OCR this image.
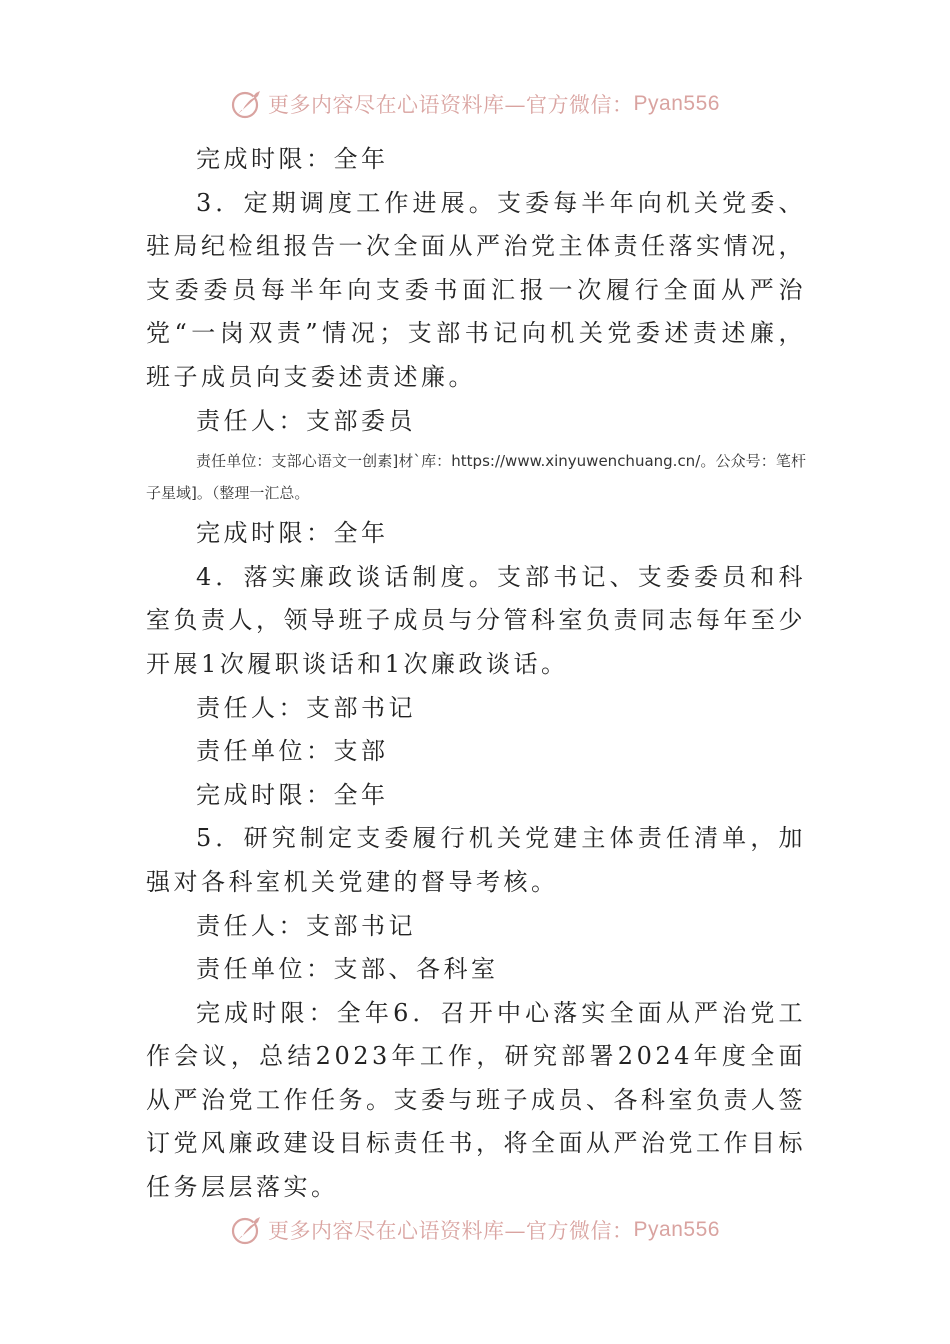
更多内容尽在心语资料库—官方微信： Pyan556

完成时限：全年

3．定期调度工作进展。支委每半年向机关党委、驻局纪检组报告一次全面从严治党主体责任落实情况，支委委员每半年向支委书面汇报一次履行全面从严治党“一岗双责”情况；支部书记向机关党委述责述廉，班子成员向支委述责述廉。

责任人：支部委员

责任单位：支部心语文一创素]材`库：https://www.xinyuwenchuang.cn/。公众号：笔杆子星域]。（整理一汇总。

完成时限：全年

4．落实廉政谈话制度。支部书记、支委委员和科室负责人，领导班子成员与分管科室负责同志每年至少开展1次履职谈话和1次廉政谈话。

责任人：支部书记

责任单位：支部

完成时限：全年

5．研究制定支委履行机关党建主体责任清单，加强对各科室机关党建的督导考核。

责任人：支部书记

责任单位：支部、各科室

完成时限：全年6．召开中心落实全面从严治党工作会议，总结2023年工作，研究部署2024年度全面从严治党工作任务。支委与班子成员、各科室负责人签订党风廉政建设目标责任书，将全面从严治党工作目标任务层层落实。

更多内容尽在心语资料库—官方微信： Pyan556
